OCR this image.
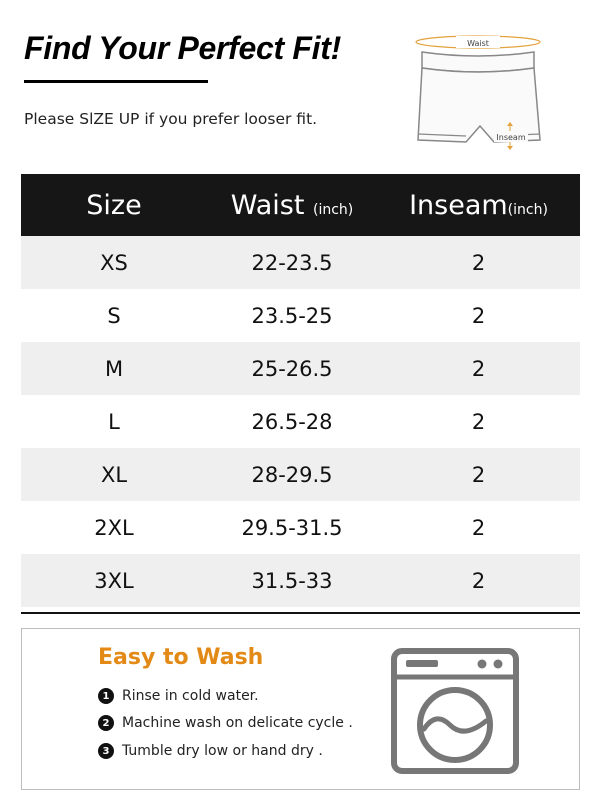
Find Your Perfect Fit!
Please SlZE UP if you prefer looser fit.
Waist
Inseam
Size	Waist (inch)	Inseam(inch)
XS	22-23.5	2
S	23.5-25	2
M	25-26.5	2
L	26.5-28	2
XL	28-29.5	2
2XL	29.5-31.5	2
3XL	31.5-33	2
Easy to Wash
1 Rinse in cold water.
2 Machine wash on delicate cycle .
3 Tumble dry low or hand dry .
